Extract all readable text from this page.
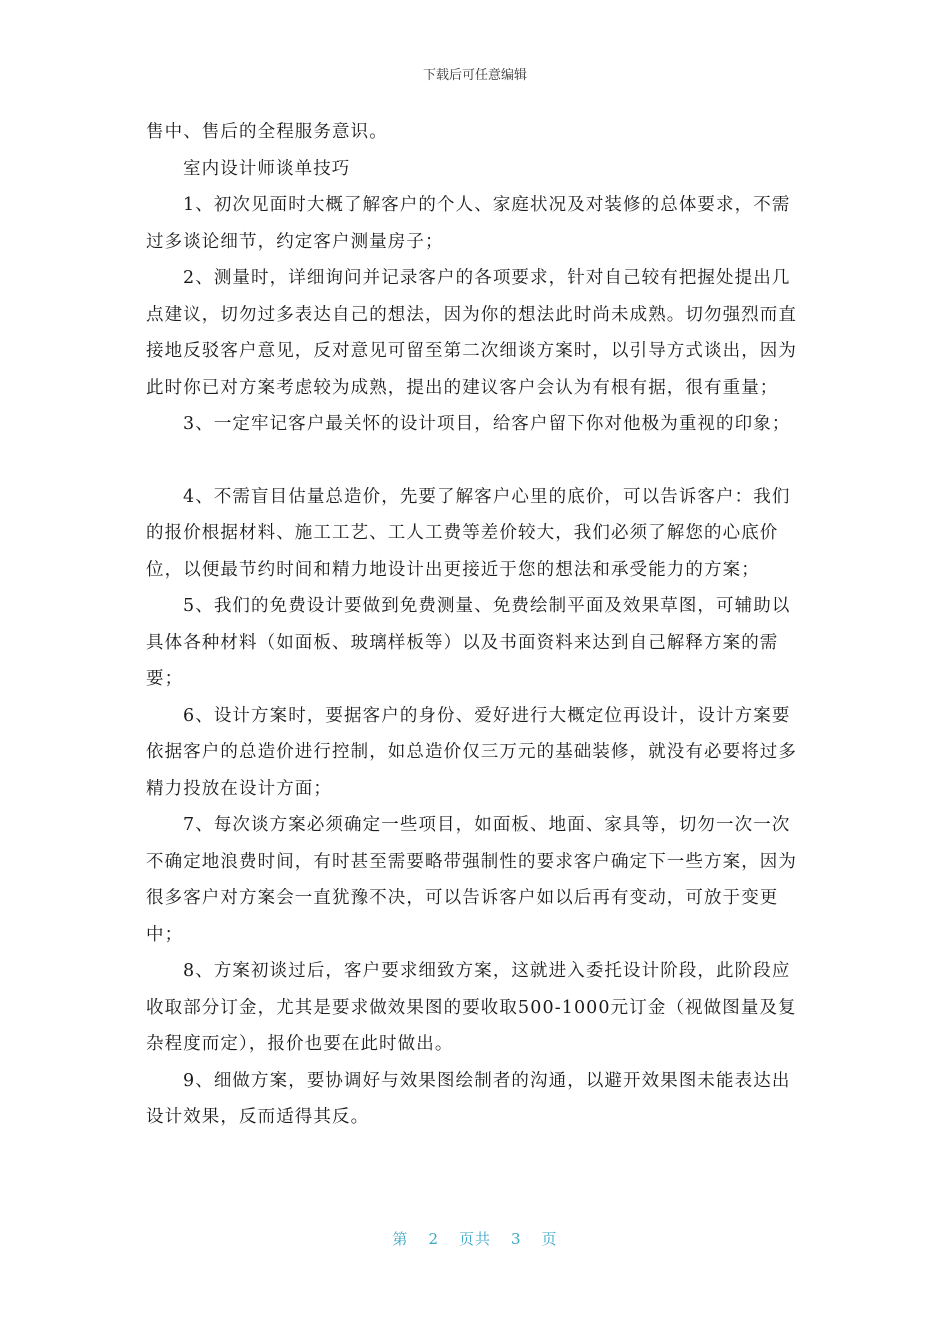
下载后可任意编辑

售中、售后的全程服务意识。

室内设计师谈单技巧

1、初次见面时大概了解客户的个人、家庭状况及对装修的总体要求，不需过多谈论细节，约定客户测量房子；

2、测量时，详细询问并记录客户的各项要求，针对自己较有把握处提出几点建议，切勿过多表达自己的想法，因为你的想法此时尚未成熟。切勿强烈而直接地反驳客户意见，反对意见可留至第二次细谈方案时，以引导方式谈出，因为此时你已对方案考虑较为成熟，提出的建议客户会认为有根有据，很有重量；

3、一定牢记客户最关怀的设计项目，给客户留下你对他极为重视的印象；

4、不需盲目估量总造价，先要了解客户心里的底价，可以告诉客户：我们的报价根据材料、施工工艺、工人工费等差价较大，我们必须了解您的心底价位，以便最节约时间和精力地设计出更接近于您的想法和承受能力的方案；

5、我们的免费设计要做到免费测量、免费绘制平面及效果草图，可辅助以具体各种材料（如面板、玻璃样板等）以及书面资料来达到自己解释方案的需要；

6、设计方案时，要据客户的身份、爱好进行大概定位再设计，设计方案要依据客户的总造价进行控制，如总造价仅三万元的基础装修，就没有必要将过多精力投放在设计方面；

7、每次谈方案必须确定一些项目，如面板、地面、家具等，切勿一次一次不确定地浪费时间，有时甚至需要略带强制性的要求客户确定下一些方案，因为很多客户对方案会一直犹豫不决，可以告诉客户如以后再有变动，可放于变更中；

8、方案初谈过后，客户要求细致方案，这就进入委托设计阶段，此阶段应收取部分订金，尤其是要求做效果图的要收取500-1000元订金（视做图量及复杂程度而定），报价也要在此时做出。

9、细做方案，要协调好与效果图绘制者的沟通，以避开效果图未能表达出设计效果，反而适得其反。

第 2 页共 3 页
